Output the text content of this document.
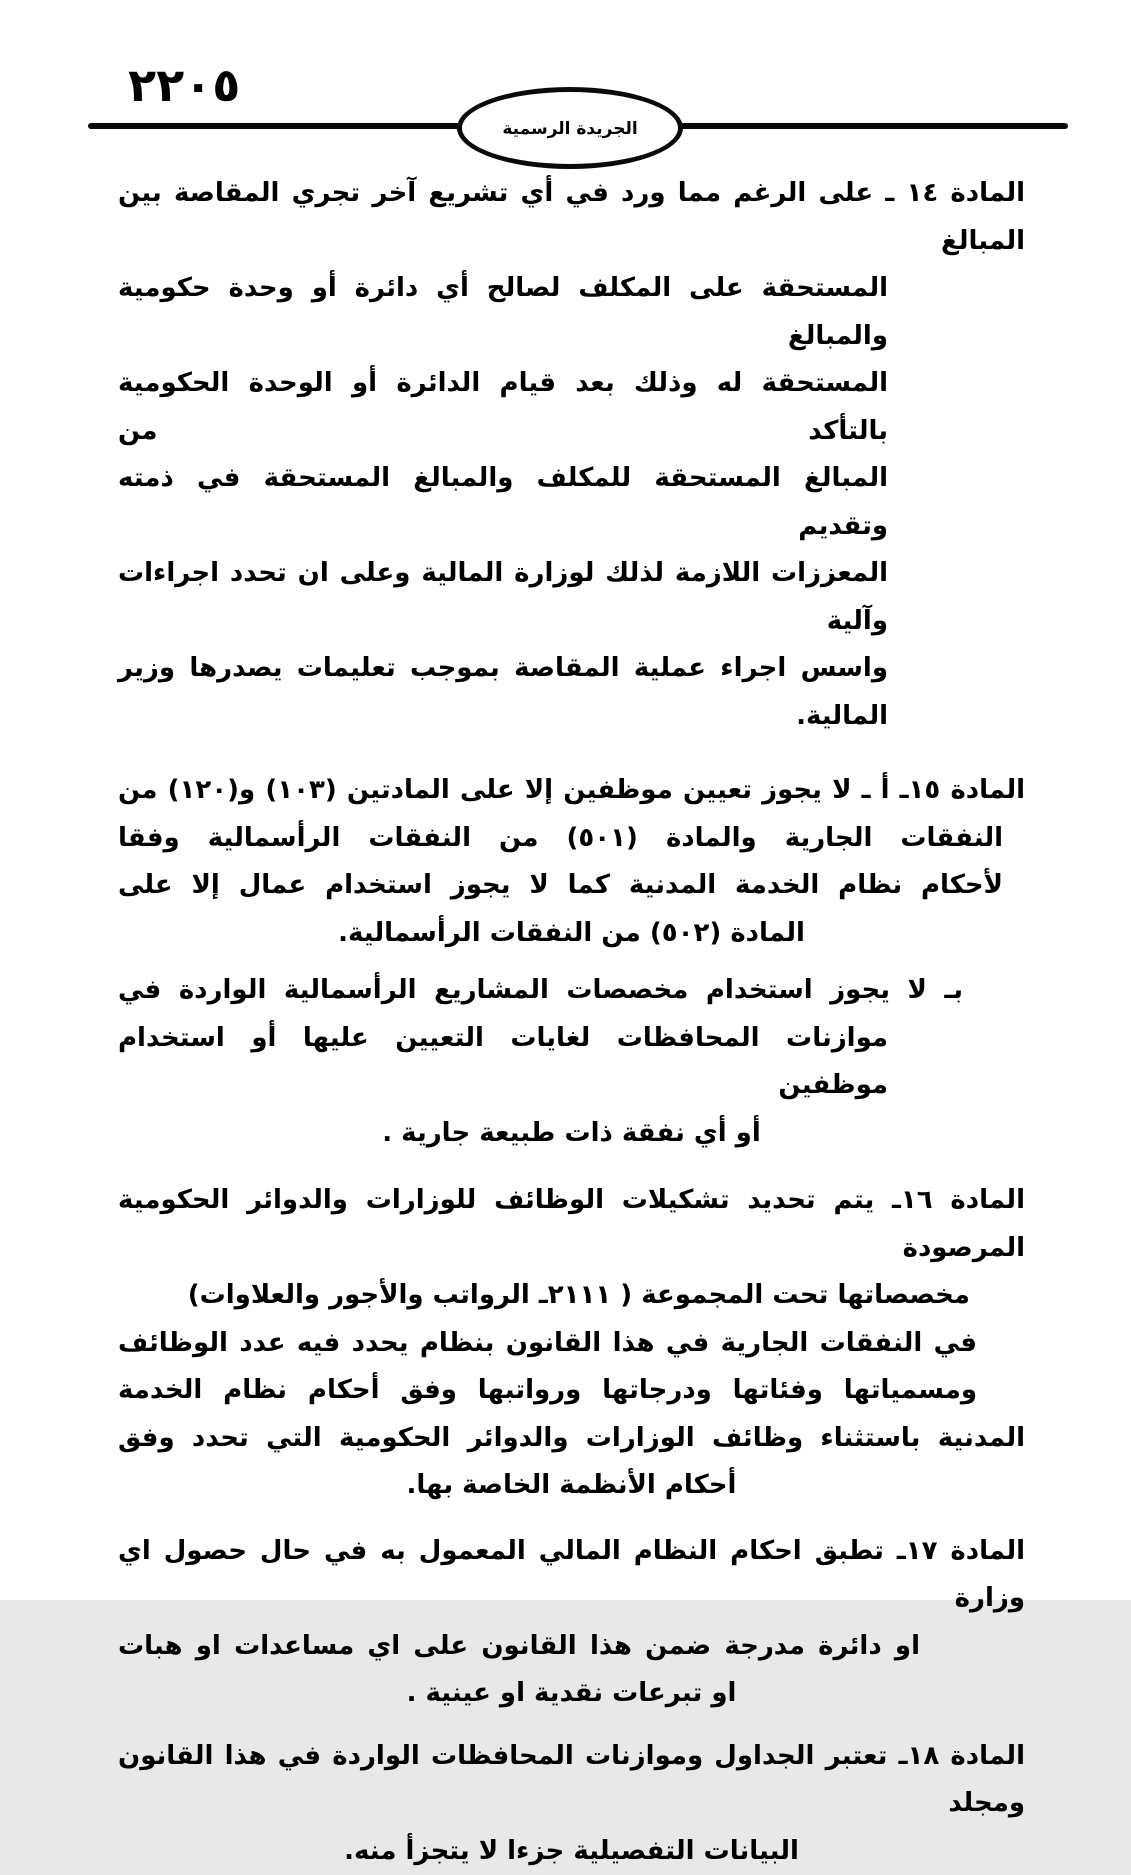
٢٢٠٥
الجريدة الرسمية
المادة ١٤ ـ على الرغم مما ورد في أي تشريع آخر تجري المقاصة بين المبالغ
المستحقة على المكلف لصالح أي دائرة أو وحدة حكومية والمبالغ
المستحقة له وذلك بعد قيام الدائرة أو الوحدة الحكومية بالتأكد من
المبالغ المستحقة للمكلف والمبالغ المستحقة في ذمته وتقديم
المعززات اللازمة لذلك لوزارة المالية وعلى ان تحدد اجراءات وآلية
واسس اجراء عملية المقاصة بموجب تعليمات يصدرها وزير
المالية.
المادة ١٥ـ أ ـ لا يجوز تعيين موظفين إلا على المادتين (١٠٣) و(١٢٠) من
النفقات الجارية والمادة (٥٠١) من النفقات الرأسمالية وفقا
لأحكام نظام الخدمة المدنية كما لا يجوز استخدام عمال إلا على
المادة (٥٠٢) من النفقات الرأسمالية.
بـ لا يجوز استخدام مخصصات المشاريع الرأسمالية الواردة في
موازنات المحافظات لغايات التعيين عليها أو استخدام موظفين
أو أي نفقة ذات طبيعة جارية .
المادة ١٦ـ يتم تحديد تشكيلات الوظائف للوزارات والدوائر الحكومية المرصودة
مخصصاتها تحت المجموعة ( ٢١١١ـ الرواتب والأجور والعلاوات)
في النفقات الجارية في هذا القانون بنظام يحدد فيه عدد الوظائف
ومسمياتها وفئاتها ودرجاتها ورواتبها وفق أحكام نظام الخدمة
المدنية باستثناء وظائف الوزارات والدوائر الحكومية التي تحدد وفق
أحكام الأنظمة الخاصة بها.
المادة ١٧ـ تطبق احكام النظام المالي المعمول به في حال حصول اي وزارة
او دائرة مدرجة ضمن هذا القانون على اي مساعدات او هبات
او تبرعات نقدية او عينية .
المادة ١٨ـ تعتبر الجداول وموازنات المحافظات الواردة في هذا القانون ومجلد
البيانات التفصيلية جزءا لا يتجزأ منه.
